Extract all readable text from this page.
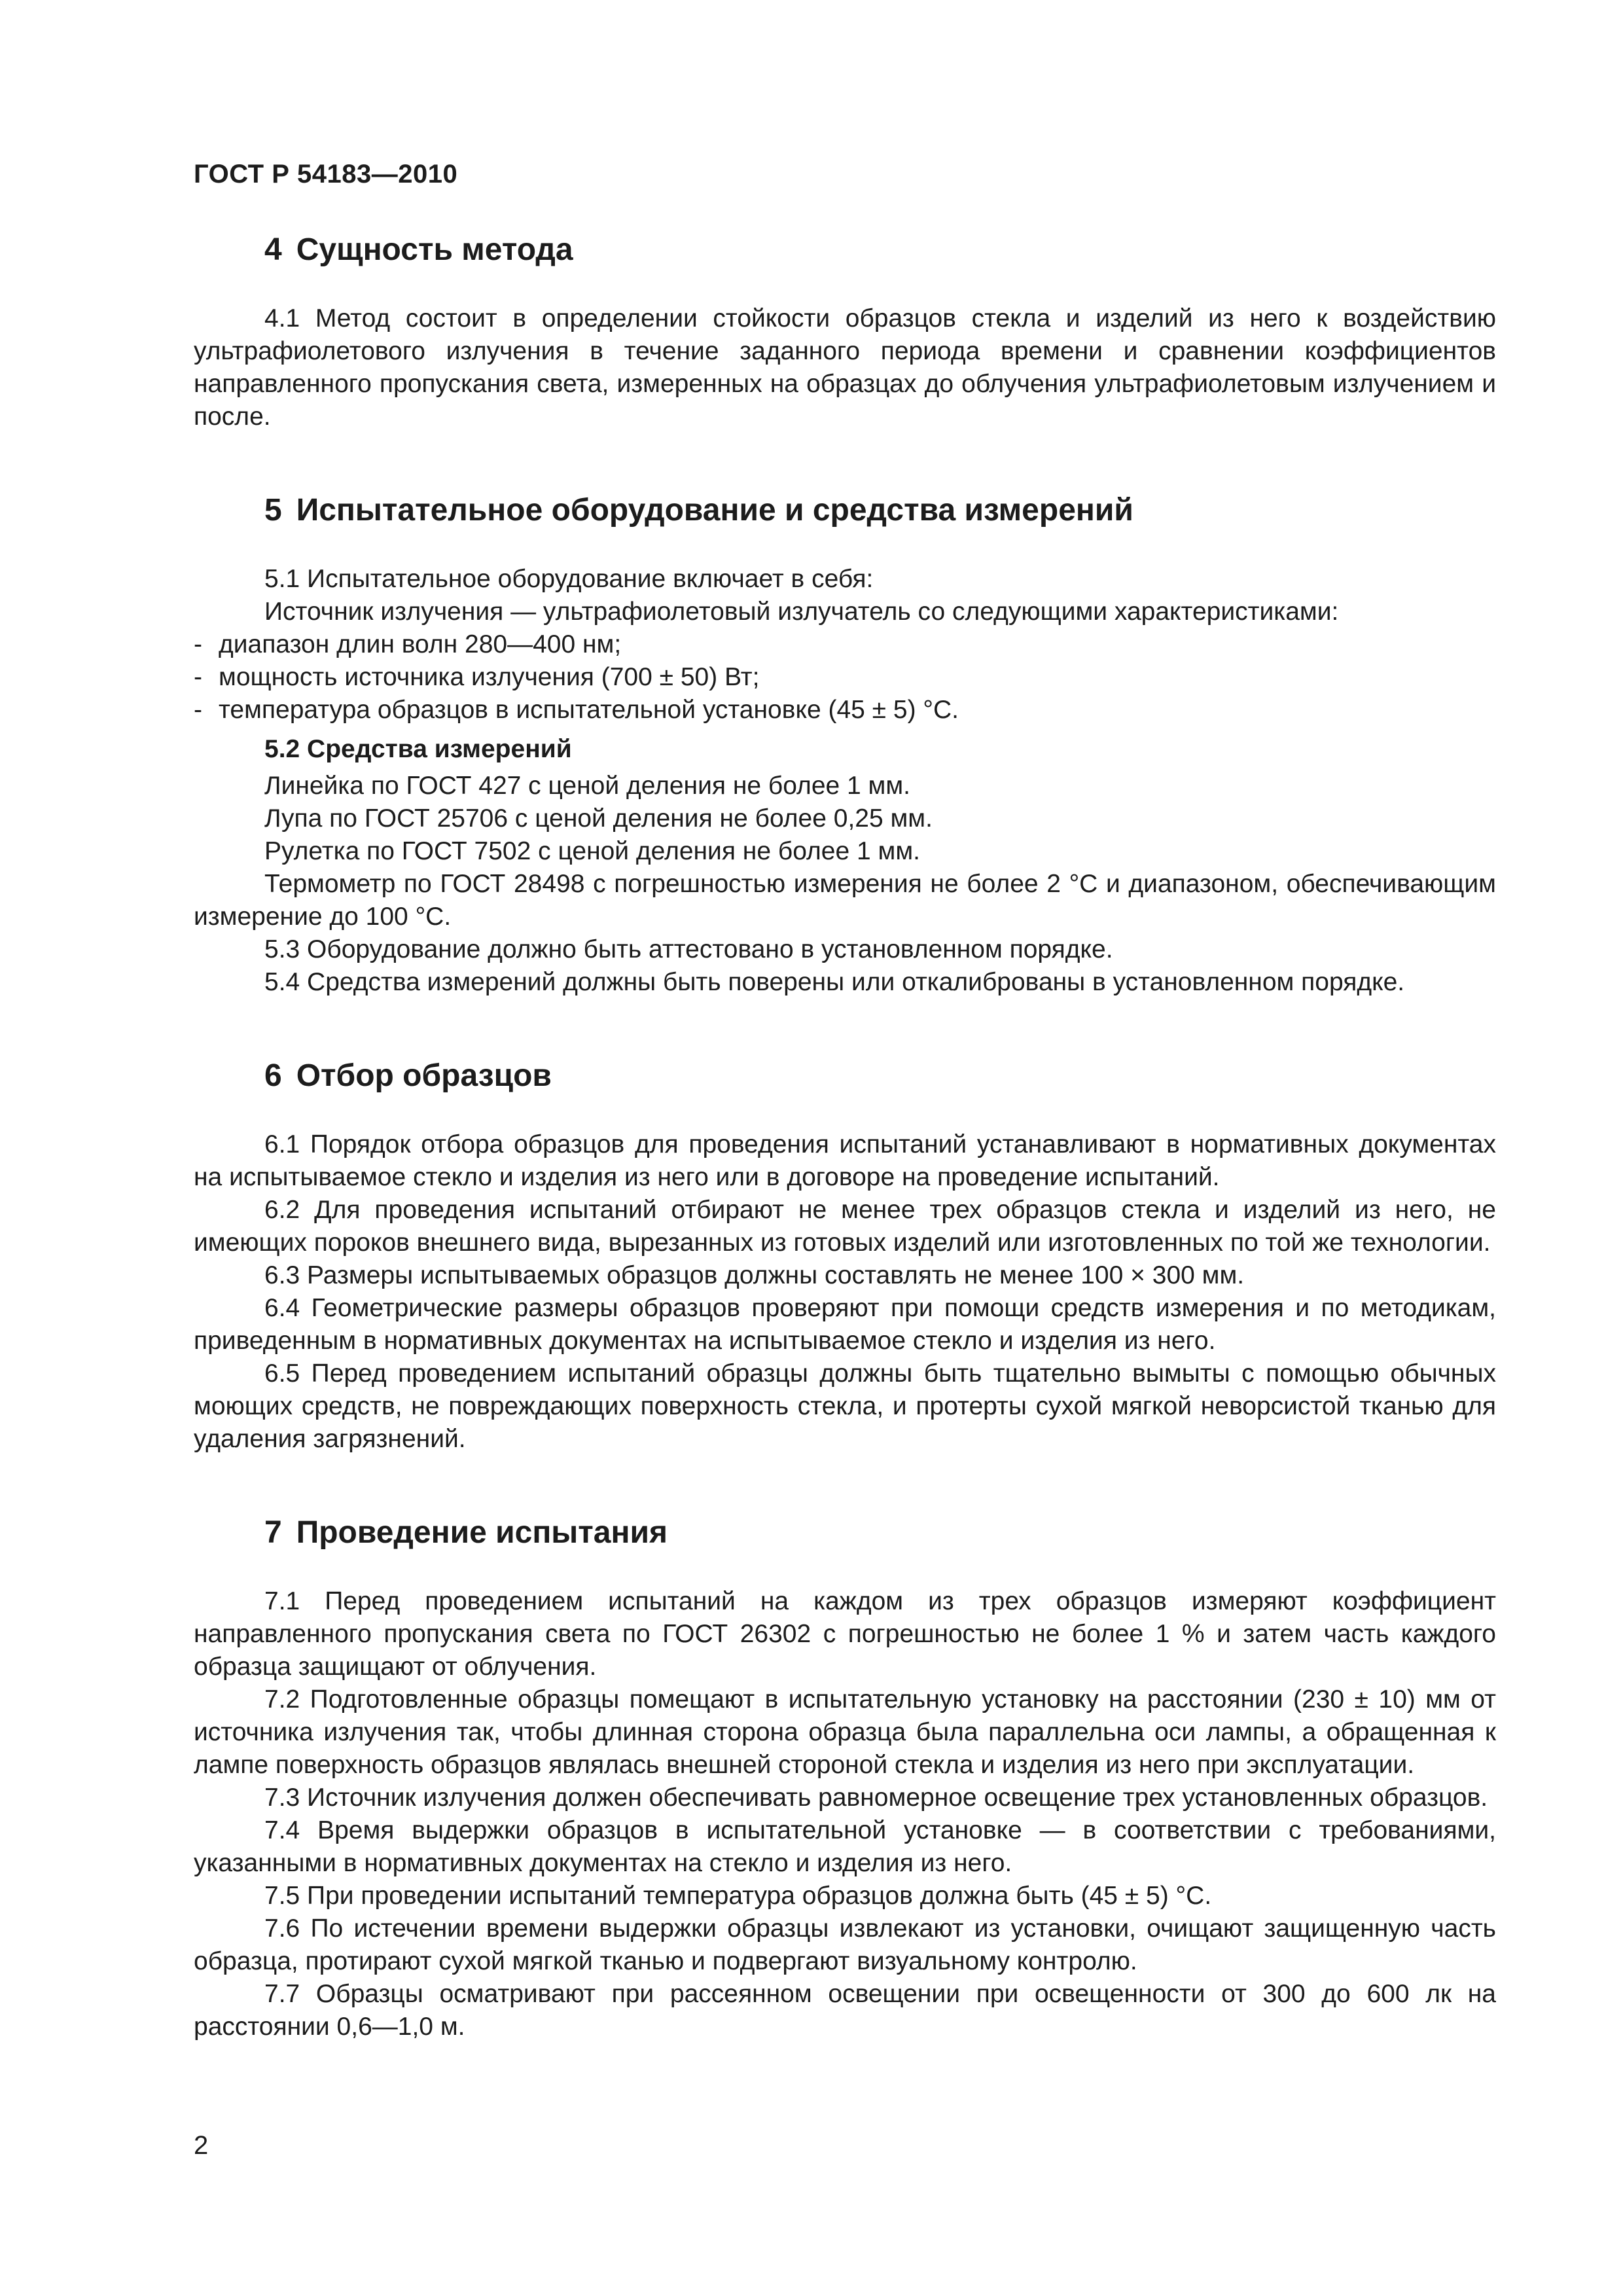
ГОСТ Р 54183—2010
4 Сущность метода

4.1 Метод состоит в определении стойкости образцов стекла и изделий из него к воздействию ультрафиолетового излучения в течение заданного периода времени и сравнении коэффициентов направленного пропускания света, измеренных на образцах до облучения ультрафиолетовым излучением и после.

5 Испытательное оборудование и средства измерений

5.1 Испытательное оборудование включает в себя:

Источник излучения — ультрафиолетовый излучатель со следующими характеристиками:

- диапазон длин волн 280—400 нм;
- мощность источника излучения (700 ± 50) Вт;
- температура образцов в испытательной установке (45 ± 5) °С.

5.2 Средства измерений

Линейка по ГОСТ 427 с ценой деления не более 1 мм.

Лупа по ГОСТ 25706 с ценой деления не более 0,25 мм.

Рулетка по ГОСТ 7502 с ценой деления не более 1 мм.

Термометр по ГОСТ 28498 с погрешностью измерения не более 2 °С и диапазоном, обеспечивающим измерение до 100 °С.

5.3 Оборудование должно быть аттестовано в установленном порядке.

5.4 Средства измерений должны быть поверены или откалиброваны в установленном порядке.

6 Отбор образцов

6.1 Порядок отбора образцов для проведения испытаний устанавливают в нормативных документах на испытываемое стекло и изделия из него или в договоре на проведение испытаний.

6.2 Для проведения испытаний отбирают не менее трех образцов стекла и изделий из него, не имеющих пороков внешнего вида, вырезанных из готовых изделий или изготовленных по той же технологии.

6.3 Размеры испытываемых образцов должны составлять не менее 100 × 300 мм.

6.4 Геометрические размеры образцов проверяют при помощи средств измерения и по методикам, приведенным в нормативных документах на испытываемое стекло и изделия из него.

6.5 Перед проведением испытаний образцы должны быть тщательно вымыты с помощью обычных моющих средств, не повреждающих поверхность стекла, и протерты сухой мягкой неворсистой тканью для удаления загрязнений.

7 Проведение испытания

7.1 Перед проведением испытаний на каждом из трех образцов измеряют коэффициент направленного пропускания света по ГОСТ 26302 с погрешностью не более 1 % и затем часть каждого образца защищают от облучения.

7.2 Подготовленные образцы помещают в испытательную установку на расстоянии (230 ± 10) мм от источника излучения так, чтобы длинная сторона образца была параллельна оси лампы, а обращенная к лампе поверхность образцов являлась внешней стороной стекла и изделия из него при эксплуатации.

7.3 Источник излучения должен обеспечивать равномерное освещение трех установленных образцов.

7.4 Время выдержки образцов в испытательной установке — в соответствии с требованиями, указанными в нормативных документах на стекло и изделия из него.

7.5 При проведении испытаний температура образцов должна быть (45 ± 5) °С.

7.6 По истечении времени выдержки образцы извлекают из установки, очищают защищенную часть образца, протирают сухой мягкой тканью и подвергают визуальному контролю.

7.7 Образцы осматривают при рассеянном освещении при освещенности от 300 до 600 лк на расстоянии 0,6—1,0 м.

2
